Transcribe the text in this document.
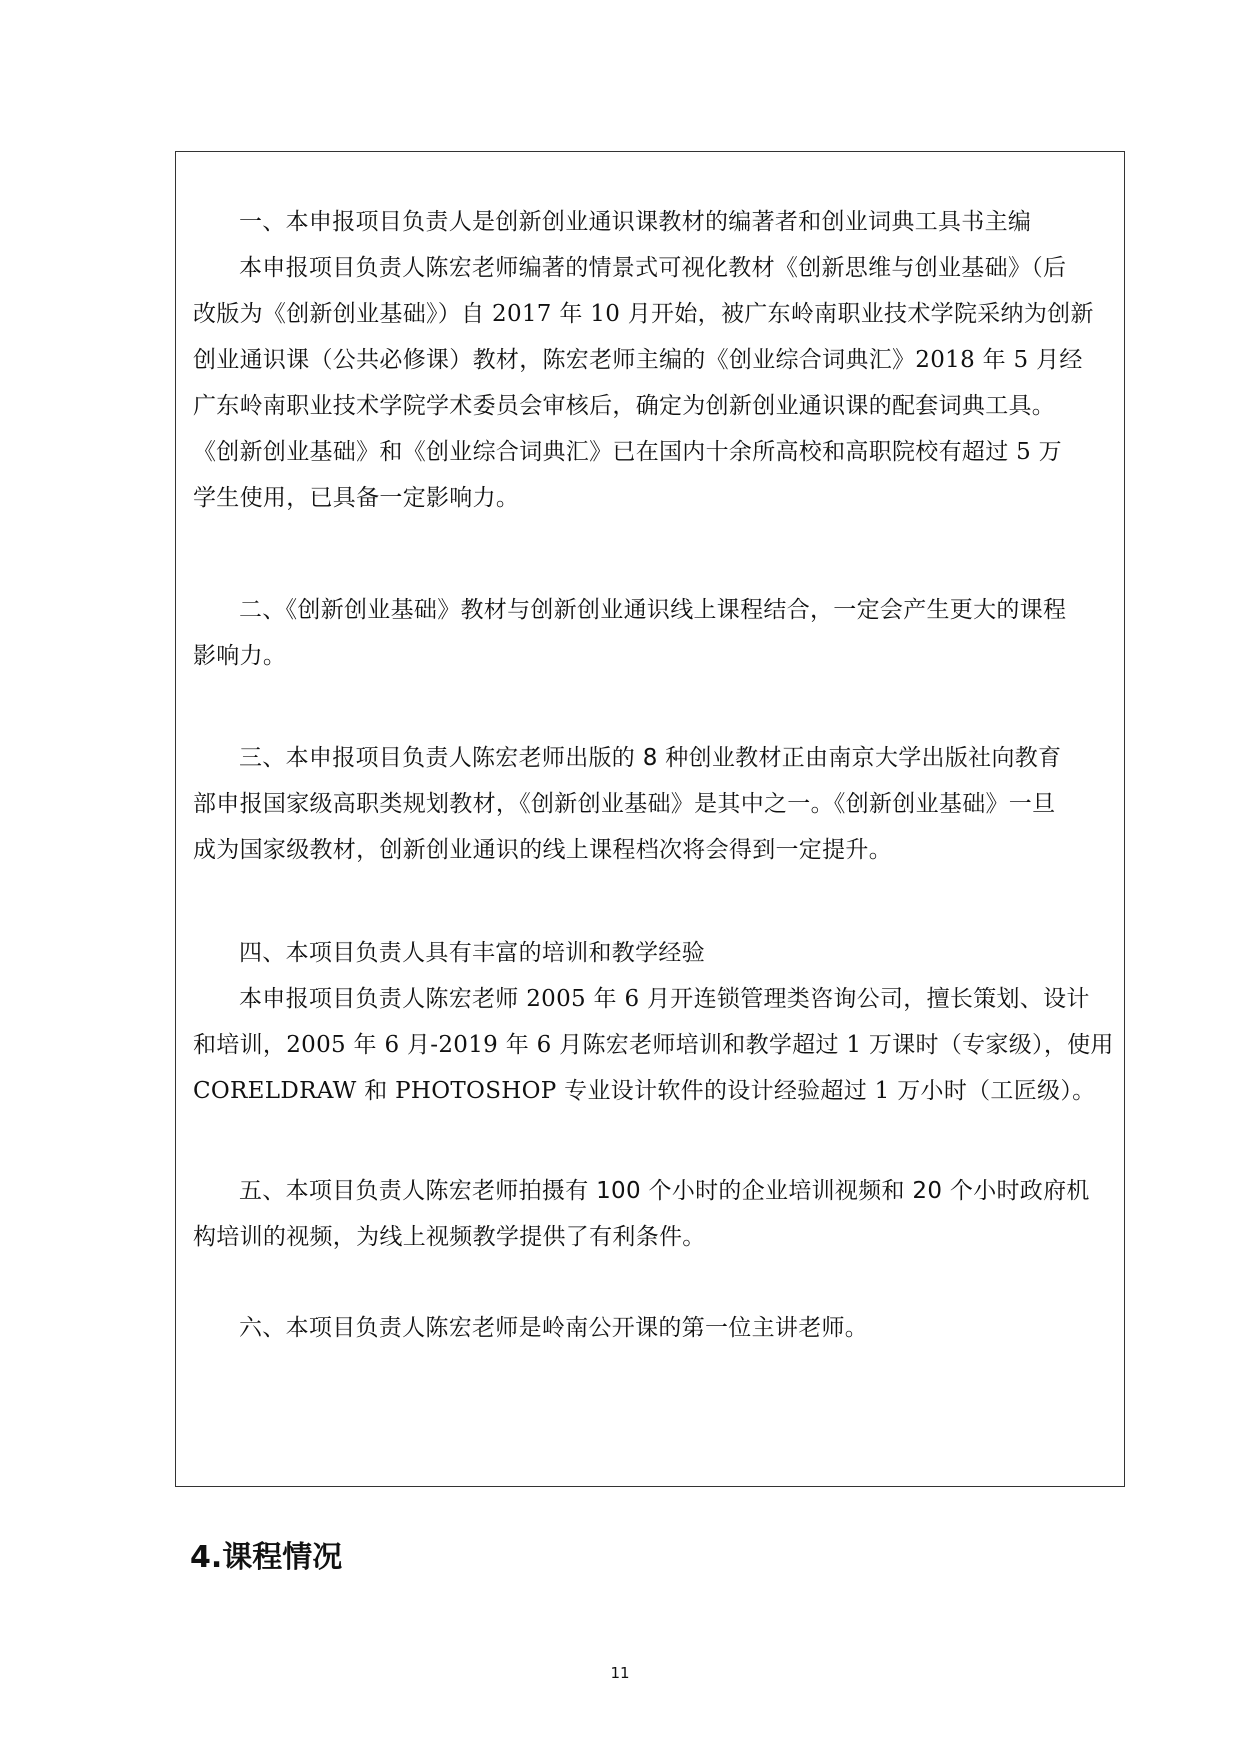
一、本申报项目负责人是创新创业通识课教材的编著者和创业词典工具书主编
本申报项目负责人陈宏老师编著的情景式可视化教材《创新思维与创业基础》（后
改版为《创新创业基础》）自 2017 年 10 月开始，被广东岭南职业技术学院采纳为创新
创业通识课（公共必修课）教材，陈宏老师主编的《创业综合词典汇》2018 年 5 月经
广东岭南职业技术学院学术委员会审核后，确定为创新创业通识课的配套词典工具。
《创新创业基础》和《创业综合词典汇》已在国内十余所高校和高职院校有超过 5 万
学生使用，已具备一定影响力。
二、《创新创业基础》教材与创新创业通识线上课程结合，一定会产生更大的课程
影响力。
三、本申报项目负责人陈宏老师出版的 8 种创业教材正由南京大学出版社向教育
部申报国家级高职类规划教材，《创新创业基础》是其中之一。《创新创业基础》一旦
成为国家级教材，创新创业通识的线上课程档次将会得到一定提升。
四、本项目负责人具有丰富的培训和教学经验
本申报项目负责人陈宏老师 2005 年 6 月开连锁管理类咨询公司，擅长策划、设计
和培训，2005 年 6 月-2019 年 6 月陈宏老师培训和教学超过 1 万课时（专家级），使用
CORELDRAW 和 PHOTOSHOP 专业设计软件的设计经验超过 1 万小时（工匠级）。
五、本项目负责人陈宏老师拍摄有 100 个小时的企业培训视频和 20 个小时政府机
构培训的视频，为线上视频教学提供了有利条件。
六、本项目负责人陈宏老师是岭南公开课的第一位主讲老师。
4.课程情况
11
